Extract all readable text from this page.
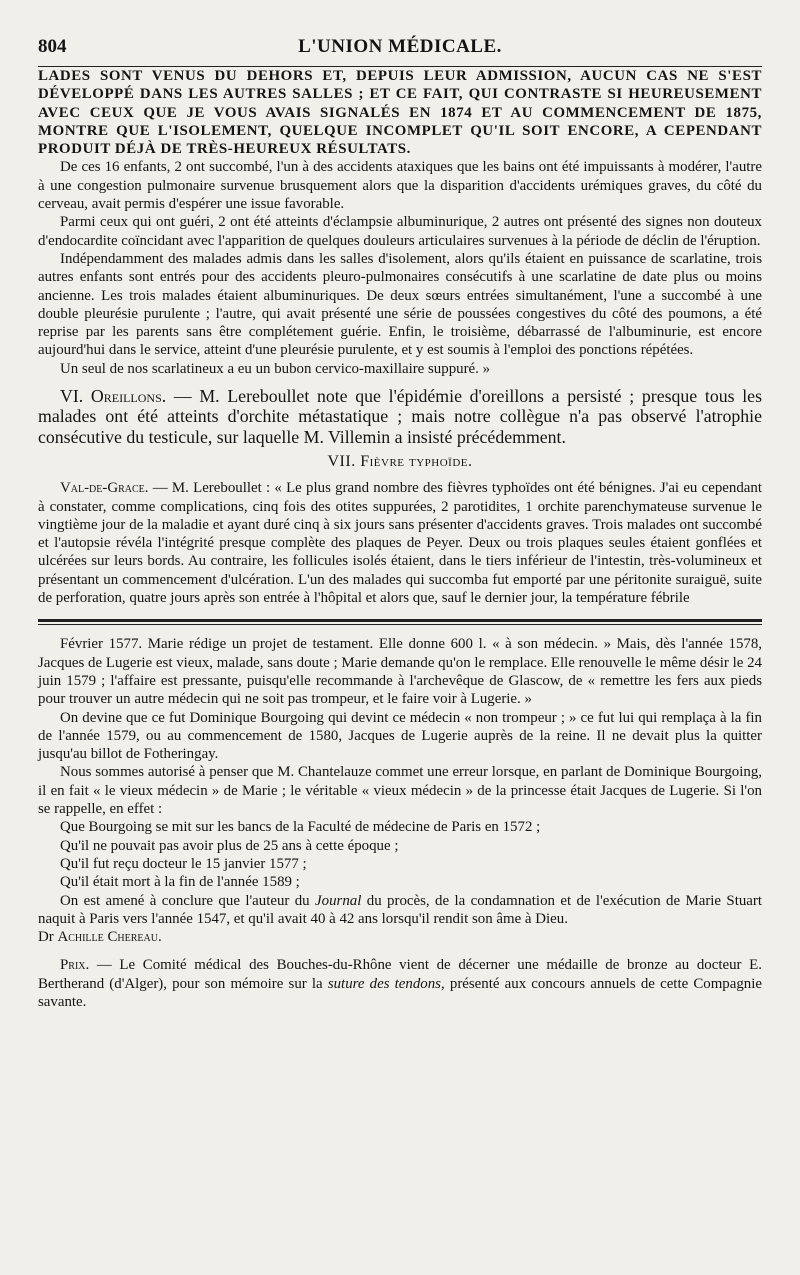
804	L'UNION MÉDICALE.

LADES SONT VENUS DU DEHORS ET, DEPUIS LEUR ADMISSION, AUCUN CAS NE S'EST DÉVELOPPÉ DANS LES AUTRES SALLES ; ET CE FAIT, QUI CONTRASTE SI HEUREUSEMENT AVEC CEUX QUE JE VOUS AVAIS SIGNALÉS EN 1874 ET AU COMMENCEMENT DE 1875, MONTRE QUE L'ISOLEMENT, QUELQUE INCOMPLET QU'IL SOIT ENCORE, A CEPENDANT PRODUIT DÉJÀ DE TRÈS-HEUREUX RÉSULTATS.

De ces 16 enfants, 2 ont succombé, l'un à des accidents ataxiques que les bains ont été impuissants à modérer, l'autre à une congestion pulmonaire survenue brusquement alors que la disparition d'accidents urémiques graves, du côté du cerveau, avait permis d'espérer une issue favorable.

Parmi ceux qui ont guéri, 2 ont été atteints d'éclampsie albuminurique, 2 autres ont présenté des signes non douteux d'endocardite coïncidant avec l'apparition de quelques douleurs articulaires survenues à la période de déclin de l'éruption.

Indépendamment des malades admis dans les salles d'isolement, alors qu'ils étaient en puissance de scarlatine, trois autres enfants sont entrés pour des accidents pleuro-pulmonaires consécutifs à une scarlatine de date plus ou moins ancienne. Les trois malades étaient albuminuriques. De deux sœurs entrées simultanément, l'une a succombé à une double pleurésie purulente ; l'autre, qui avait présenté une série de poussées congestives du côté des poumons, a été reprise par les parents sans être complétement guérie. Enfin, le troisième, débarrassé de l'albuminurie, est encore aujourd'hui dans le service, atteint d'une pleurésie purulente, et y est soumis à l'emploi des ponctions répétées.

Un seul de nos scarlatineux a eu un bubon cervico-maxillaire suppuré. »

VI. Oreillons. — M. Lereboullet note que l'épidémie d'oreillons a persisté ; presque tous les malades ont été atteints d'orchite métastatique ; mais notre collègue n'a pas observé l'atrophie consécutive du testicule, sur laquelle M. Villemin a insisté précédemment.
VII. Fièvre typhoïde.

Val-de-Grace. — M. Lereboullet : « Le plus grand nombre des fièvres typhoïdes ont été bénignes. J'ai eu cependant à constater, comme complications, cinq fois des otites suppurées, 2 parotidites, 1 orchite parenchymateuse survenue le vingtième jour de la maladie et ayant duré cinq à six jours sans présenter d'accidents graves. Trois malades ont succombé et l'autopsie révéla l'intégrité presque complète des plaques de Peyer. Deux ou trois plaques seules étaient gonflées et ulcérées sur leurs bords. Au contraire, les follicules isolés étaient, dans le tiers inférieur de l'intestin, très-volumineux et présentant un commencement d'ulcération. L'un des malades qui succomba fut emporté par une péritonite suraiguë, suite de perforation, quatre jours après son entrée à l'hôpital et alors que, sauf le dernier jour, la température fébrile

Février 1577. Marie rédige un projet de testament. Elle donne 600 l. « à son médecin. » Mais, dès l'année 1578, Jacques de Lugerie est vieux, malade, sans doute ; Marie demande qu'on le remplace. Elle renouvelle le même désir le 24 juin 1579 ; l'affaire est pressante, puisqu'elle recommande à l'archevêque de Glascow, de « remettre les fers aux pieds pour trouver un autre médecin qui ne soit pas trompeur, et le faire voir à Lugerie. »

On devine que ce fut Dominique Bourgoing qui devint ce médecin « non trompeur ; » ce fut lui qui remplaça à la fin de l'année 1579, ou au commencement de 1580, Jacques de Lugerie auprès de la reine. Il ne devait plus la quitter jusqu'au billot de Fotheringay.

Nous sommes autorisé à penser que M. Chantelauze commet une erreur lorsque, en parlant de Dominique Bourgoing, il en fait « le vieux médecin » de Marie ; le véritable « vieux médecin » de la princesse était Jacques de Lugerie. Si l'on se rappelle, en effet :

Que Bourgoing se mit sur les bancs de la Faculté de médecine de Paris en 1572 ;

Qu'il ne pouvait pas avoir plus de 25 ans à cette époque ;

Qu'il fut reçu docteur le 15 janvier 1577 ;

Qu'il était mort à la fin de l'année 1589 ;

On est amené à conclure que l'auteur du Journal du procès, de la condamnation et de l'exécution de Marie Stuart naquit à Paris vers l'année 1547, et qu'il avait 40 à 42 ans lorsqu'il rendit son âme à Dieu.

Dr Achille Chereau.

Prix. — Le Comité médical des Bouches-du-Rhône vient de décerner une médaille de bronze au docteur E. Bertherand (d'Alger), pour son mémoire sur la suture des tendons, présenté aux concours annuels de cette Compagnie savante.
